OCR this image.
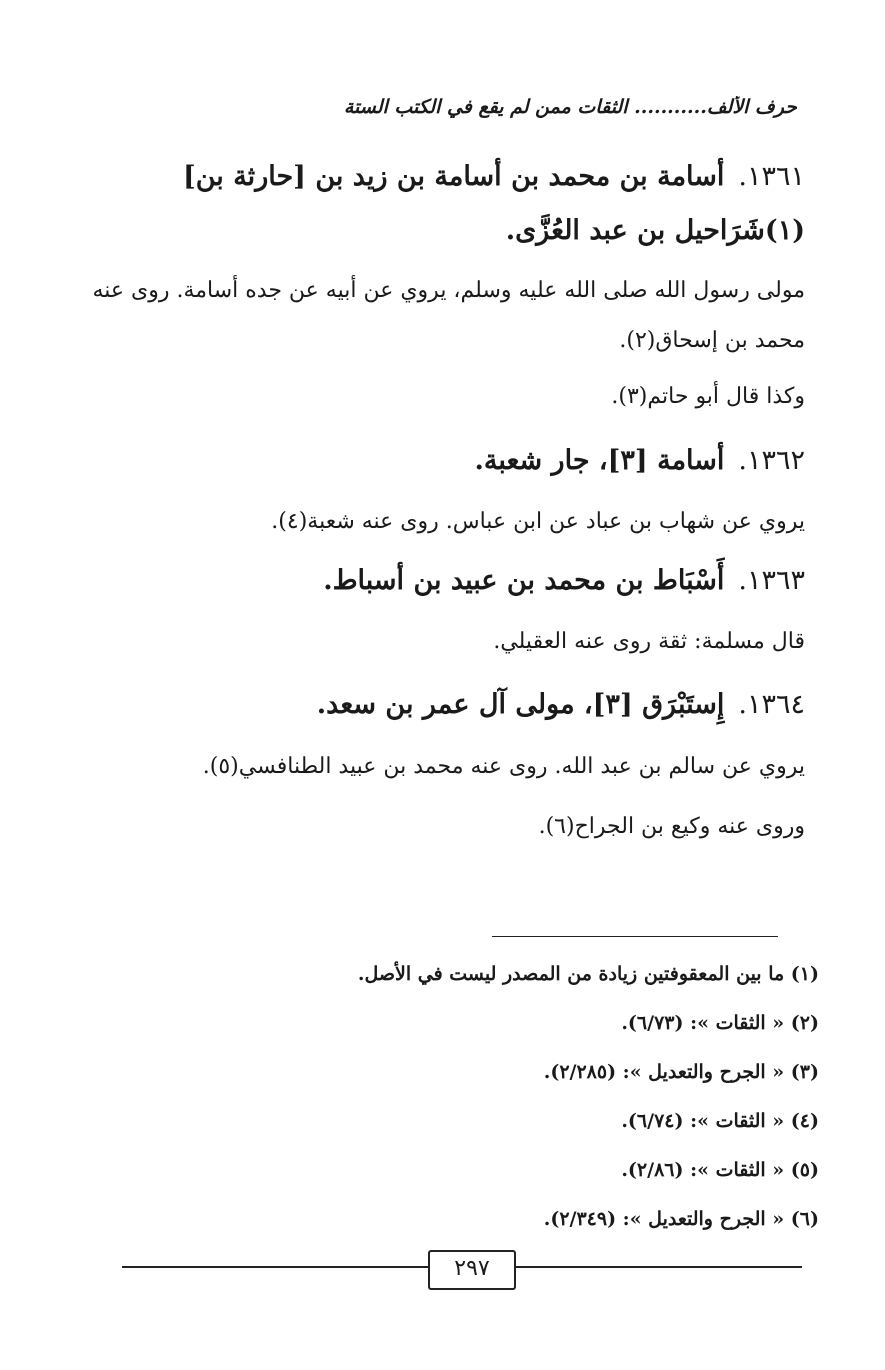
حرف الألف........... الثقات ممن لم يقع في الكتب الستة
١٣٦١.أسامة بن محمد بن أسامة بن زيد بن [حارثة بن](١)شَرَاحيل بن عبد العُزَّى.
مولى رسول الله صلى الله عليه وسلم، يروي عن أبيه عن جده أسامة. روى عنه محمد بن إسحاق(٢).
وكذا قال أبو حاتم(٣).
١٣٦٢.أسامة [٣]، جار شعبة.
يروي عن شهاب بن عباد عن ابن عباس. روى عنه شعبة(٤).
١٣٦٣.أَسْبَاط بن محمد بن عبيد بن أسباط.
قال مسلمة: ثقة روى عنه العقيلي.
١٣٦٤.إِستَبْرَق [٣]، مولى آل عمر بن سعد.
يروي عن سالم بن عبد الله. روى عنه محمد بن عبيد الطنافسي(٥).
وروى عنه وكيع بن الجراح(٦).
(١) ما بين المعقوفتين زيادة من المصدر ليست في الأصل.
(٢) « الثقات »: (٦/٧٣).
(٣) « الجرح والتعديل »: (٢/٢٨٥).
(٤) « الثقات »: (٦/٧٤).
(٥) « الثقات »: (٢/٨٦).
(٦) « الجرح والتعديل »: (٢/٣٤٩).
٢٩٧
